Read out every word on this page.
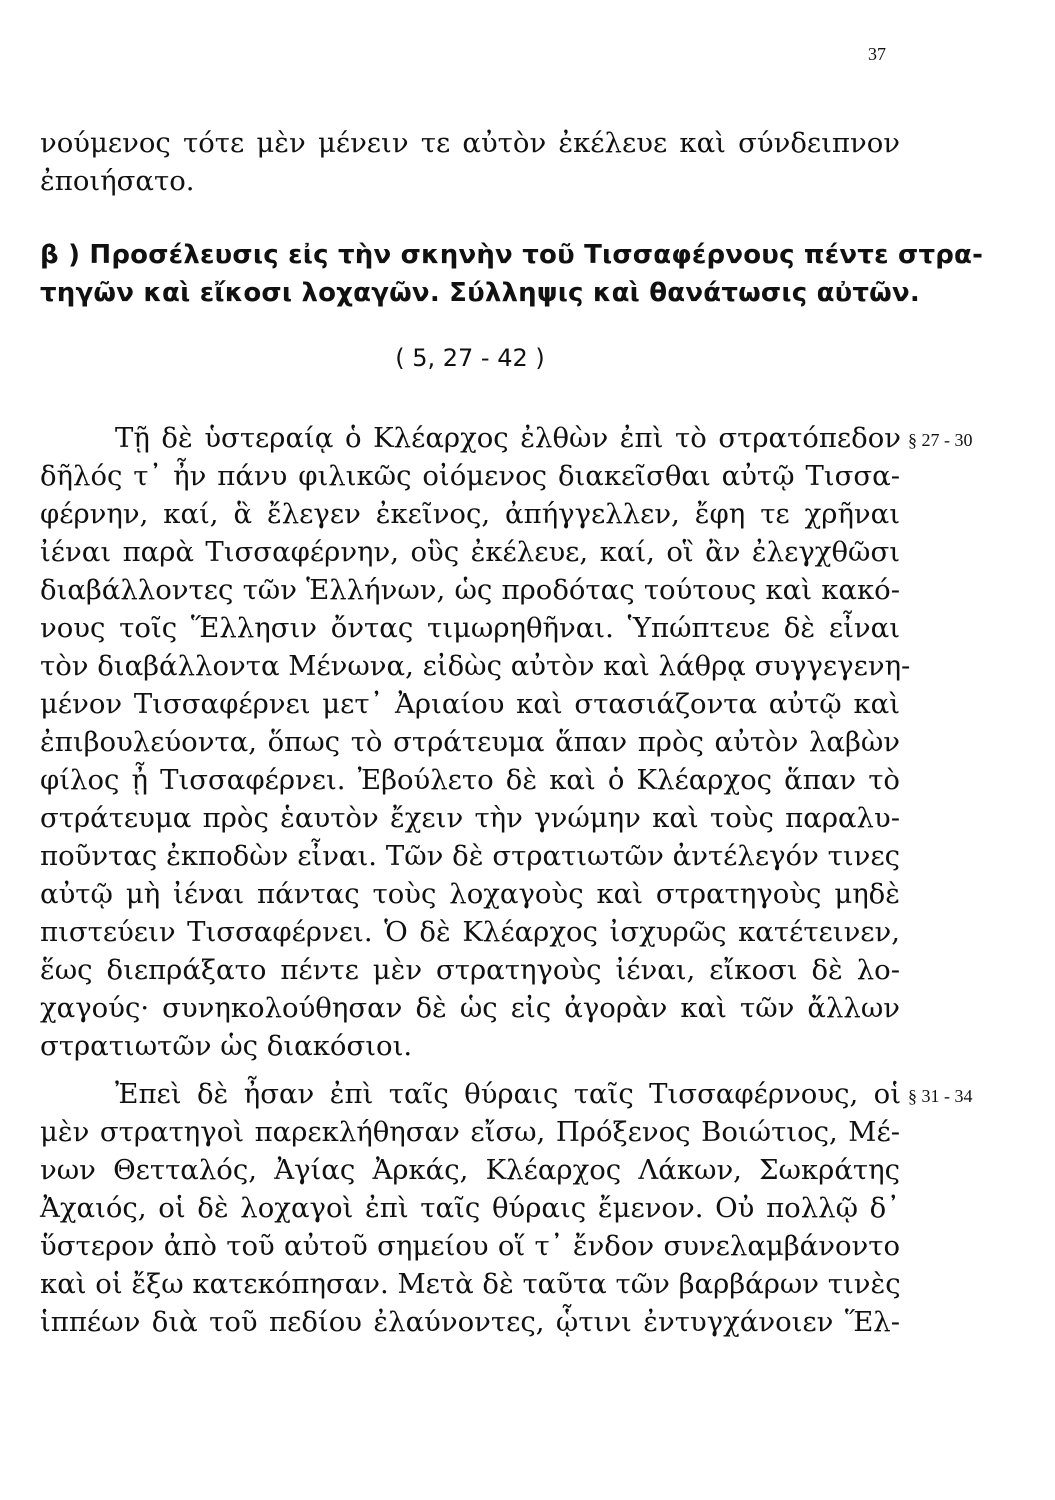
37
νούμενος τότε μὲν μένειν τε αὐτὸν ἐκέλευε καὶ σύνδειπνον
ἐποιήσατο.
β ) Προσέλευσις εἰς τὴν σκηνὴν τοῦ Τισσαφέρνους πέντε στρα-
τηγῶν καὶ εἴκοσι λοχαγῶν. Σύλληψις καὶ θανάτωσις αὐτῶν.
( 5, 27 - 42 )
Τῇ δὲ ὑστεραίᾳ ὁ Κλέαρχος ἐλθὼν ἐπὶ τὸ στρατόπεδον § 27 - 30
δῆλός τ᾽ ἦν πάνυ φιλικῶς οἰόμενος διακεῖσθαι αὐτῷ Τισσα-
φέρνην, καί, ἃ ἔλεγεν ἐκεῖνος, ἀπήγγελλεν, ἔφη τε χρῆναι
ἰέναι παρὰ Τισσαφέρνην, οὓς ἐκέλευε, καί, οἳ ἂν ἐλεγχθῶσι
διαβάλλοντες τῶν Ἑλλήνων, ὡς προδότας τούτους καὶ κακό-
νους τοῖς Ἕλλησιν ὄντας τιμωρηθῆναι. Ὑπώπτευε δὲ εἶναι
τὸν διαβάλλοντα Μένωνα, εἰδὼς αὐτὸν καὶ λάθρᾳ συγγεγενη-
μένον Τισσαφέρνει μετ᾽ Ἀριαίου καὶ στασιάζοντα αὐτῷ καὶ
ἐπιβουλεύοντα, ὅπως τὸ στράτευμα ἅπαν πρὸς αὐτὸν λαβὼν
φίλος ᾖ Τισσαφέρνει. Ἐβούλετο δὲ καὶ ὁ Κλέαρχος ἅπαν τὸ
στράτευμα πρὸς ἑαυτὸν ἔχειν τὴν γνώμην καὶ τοὺς παραλυ-
ποῦντας ἐκποδὼν εἶναι. Τῶν δὲ στρατιωτῶν ἀντέλεγόν τινες
αὐτῷ μὴ ἰέναι πάντας τοὺς λοχαγοὺς καὶ στρατηγοὺς μηδὲ
πιστεύειν Τισσαφέρνει. Ὁ δὲ Κλέαρχος ἰσχυρῶς κατέτεινεν,
ἕως διεπράξατο πέντε μὲν στρατηγοὺς ἰέναι, εἴκοσι δὲ λο-
χαγούς· συνηκολούθησαν δὲ ὡς εἰς ἀγορὰν καὶ τῶν ἄλλων
στρατιωτῶν ὡς διακόσιοι.
Ἐπεὶ δὲ ἦσαν ἐπὶ ταῖς θύραις ταῖς Τισσαφέρνους, οἱ § 31 - 34
μὲν στρατηγοὶ παρεκλήθησαν εἴσω, Πρόξενος Βοιώτιος, Μέ-
νων Θετταλός, Ἀγίας Ἀρκάς, Κλέαρχος Λάκων, Σωκράτης
Ἀχαιός, οἱ δὲ λοχαγοὶ ἐπὶ ταῖς θύραις ἔμενον. Οὐ πολλῷ δ᾽
ὕστερον ἀπὸ τοῦ αὐτοῦ σημείου οἵ τ᾽ ἔνδον συνελαμβάνοντο
καὶ οἱ ἔξω κατεκόπησαν. Μετὰ δὲ ταῦτα τῶν βαρβάρων τινὲς
ἱππέων διὰ τοῦ πεδίου ἐλαύνοντες, ᾧτινι ἐντυγχάνοιεν Ἕλ-
